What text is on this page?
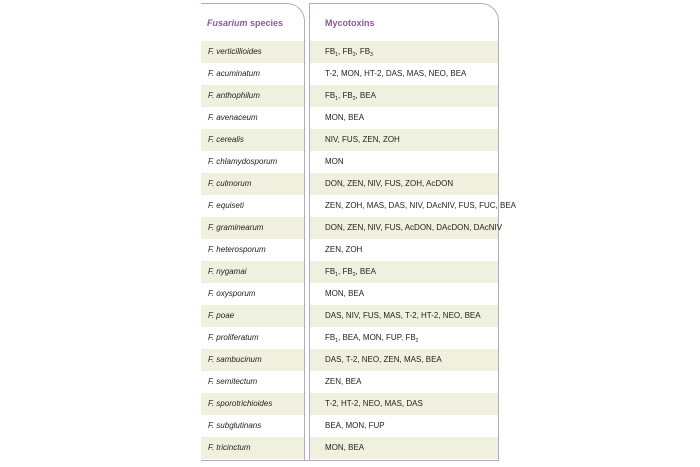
Fusarium species	Mycotoxins
F. verticillioides	$FB_1$, $FB_2$, $FB_3$
F. acuminatum	T-2, MON, HT-2, DAS, MAS, NEO, BEA
F. anthophilum	$FB_1$, $FB_2$, BEA
F. avenaceum	MON, BEA
F. cerealis	NIV, FUS, ZEN, ZOH
F. chlamydosporum	MON
F. culmorum	DON, ZEN, NIV, FUS, ZOH, AcDON
F. equiseti	ZEN, ZOH, MAS, DAS, NIV, DAcNIV, FUS, FUC, BEA
F. graminearum	DON, ZEN, NIV, FUS, AcDON, DAcDON, DAcNIV
F. heterosporum	ZEN, ZOH
F. nygamai	$FB_1$, $FB_2$, BEA
F. oxysporum	MON, BEA
F. poae	DAS, NIV, FUS, MAS, T-2, HT-2, NEO, BEA
F. proliferatum	$FB_1$, BEA, MON, FUP, $FB_2$
F. sambucinum	DAS, T-2, NEO, ZEN, MAS, BEA
F. semitectum	ZEN, BEA
F. sporotrichioides	T-2, HT-2, NEO, MAS, DAS
F. subglutinans	BEA, MON, FUP
F. tricinctum	MON, BEA
